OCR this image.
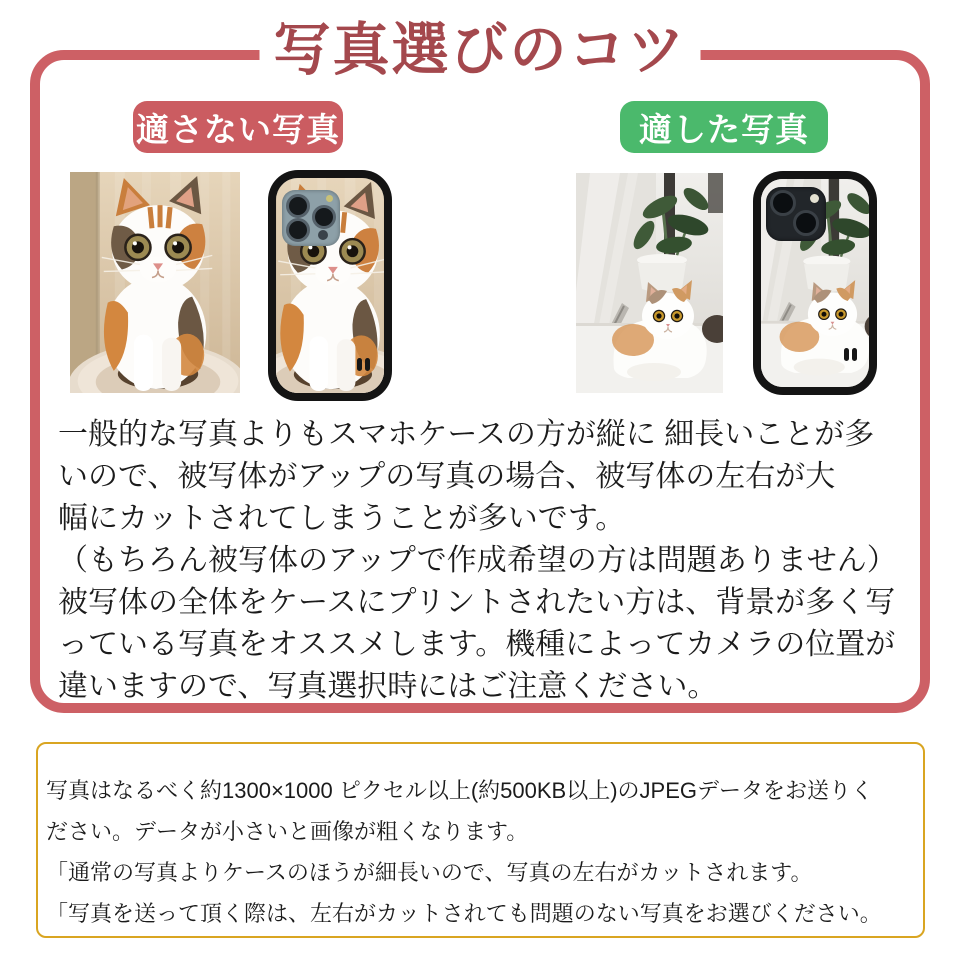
写真選びのコツ
適さない写真	適した写真
一般的な写真よりもスマホケースの方が縦に 細長いことが多
いので、被写体がアップの写真の場合、被写体の左右が大
幅にカットされてしまうことが多いです。
（もちろん被写体のアップで作成希望の方は問題ありません）
被写体の全体をケースにプリントされたい方は、背景が多く写
っている写真をオススメします。機種によってカメラの位置が
違いますので、写真選択時にはご注意ください。
写真はなるべく約1300×1000 ピクセル以上(約500KB以上)のJPEGデータをお送りく
ださい。データが小さいと画像が粗くなります。
「通常の写真よりケースのほうが細長いので、写真の左右がカットされます。
「写真を送って頂く際は、左右がカットされても問題のない写真をお選びください。
